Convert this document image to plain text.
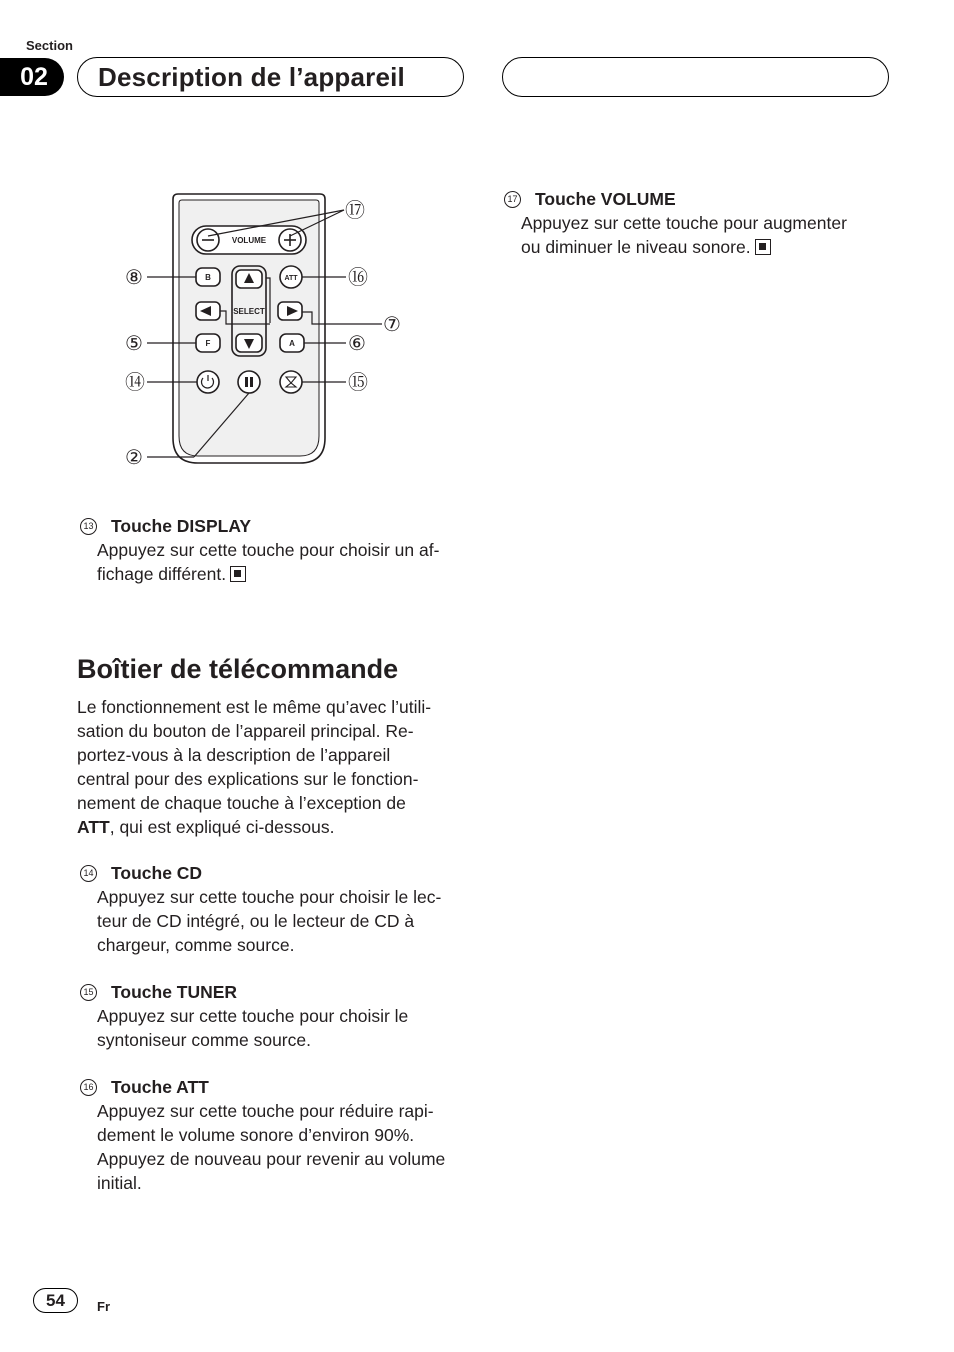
Section
02	Description de l’appareil
VOLUME
SELECT
B	ATT
F	A
⑰
⑯
⑧
⑦
⑤	⑥
⑭	⑮
②
13 Touche DISPLAY
Appuyez sur cette touche pour choisir un af-
fichage différent.
17 Touche VOLUME
Appuyez sur cette touche pour augmenter
ou diminuer le niveau sonore.
Boîtier de télécommande
Le fonctionnement est le même qu’avec l’utili-
sation du bouton de l’appareil principal. Re-
portez-vous à la description de l’appareil
central pour des explications sur le fonction-
nement de chaque touche à l’exception de
ATT, qui est expliqué ci-dessous.
14 Touche CD
Appuyez sur cette touche pour choisir le lec-
teur de CD intégré, ou le lecteur de CD à
chargeur, comme source.
15 Touche TUNER
Appuyez sur cette touche pour choisir le
syntoniseur comme source.
16 Touche ATT
Appuyez sur cette touche pour réduire rapi-
dement le volume sonore d’environ 90%.
Appuyez de nouveau pour revenir au volume
initial.
54	Fr
